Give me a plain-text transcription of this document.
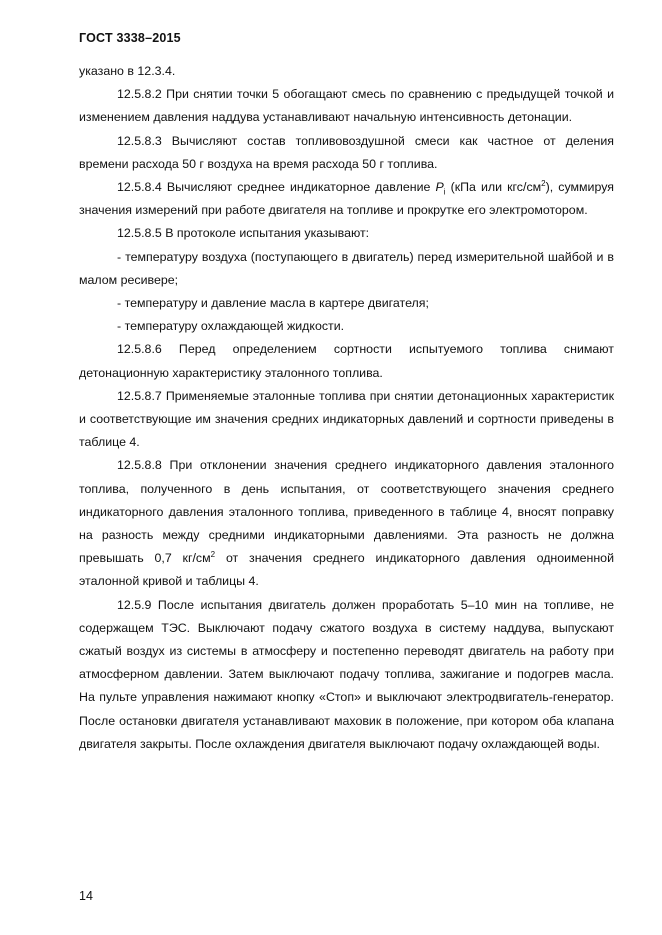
ГОСТ 3338–2015

указано в 12.3.4.

12.5.8.2 При снятии точки 5 обогащают смесь по сравнению с предыдущей точкой и изменением давления наддува устанавливают начальную интенсивность детонации.

12.5.8.3 Вычисляют состав топливовоздушной смеси как частное от деления времени расхода 50 г воздуха на время расхода 50 г топлива.

12.5.8.4 Вычисляют среднее индикаторное давление $P_i$ (кПа или кгс/$см^2$), суммируя значения измерений при работе двигателя на топливе и прокрутке его электромотором.

12.5.8.5 В протоколе испытания указывают:

- температуру воздуха (поступающего в двигатель) перед измерительной шайбой и в малом ресивере;

- температуру и давление масла в картере двигателя;

- температуру охлаждающей жидкости.

12.5.8.6 Перед определением сортности испытуемого топлива снимают детонационную характеристику эталонного топлива.

12.5.8.7 Применяемые эталонные топлива при снятии детонационных характеристик и соответствующие им значения средних индикаторных давлений и сортности приведены в таблице 4.

12.5.8.8 При отклонении значения среднего индикаторного давления эталонного топлива, полученного в день испытания, от соответствующего значения среднего индикаторного давления эталонного топлива, приведенного в таблице 4, вносят поправку на разность между средними индикаторными давлениями. Эта разность не должна превышать 0,7 $кг/см^2$ от значения среднего индикаторного давления одноименной эталонной кривой и таблицы 4.

12.5.9 После испытания двигатель должен проработать 5–10 мин на топливе, не содержащем ТЭС. Выключают подачу сжатого воздуха в систему наддува, выпускают сжатый воздух из системы в атмосферу и постепенно переводят двигатель на работу при атмосферном давлении. Затем выключают подачу топлива, зажигание и подогрев масла. На пульте управления нажимают кнопку «Стоп» и выключают электродвигатель-генератор. После остановки двигателя устанавливают маховик в положение, при котором оба клапана двигателя закрыты. После охлаждения двигателя выключают подачу охлаждающей воды.

14
